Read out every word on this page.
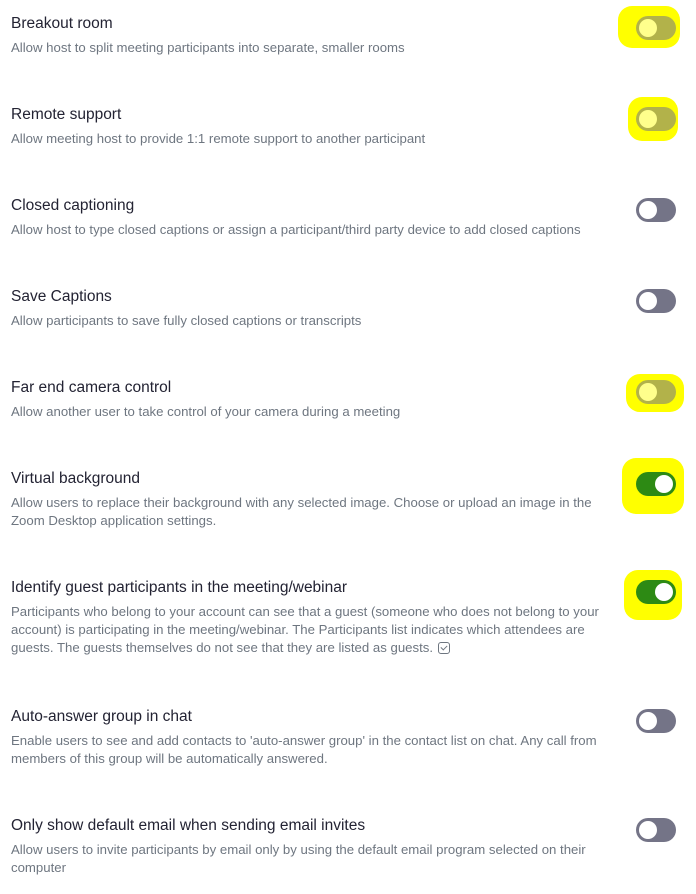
Breakout room
Allow host to split meeting participants into separate, smaller rooms
Remote support
Allow meeting host to provide 1:1 remote support to another participant
Closed captioning
Allow host to type closed captions or assign a participant/third party device to add closed captions
Save Captions
Allow participants to save fully closed captions or transcripts
Far end camera control
Allow another user to take control of your camera during a meeting
Virtual background
Allow users to replace their background with any selected image. Choose or upload an image in the Zoom Desktop application settings.
Identify guest participants in the meeting/webinar
Participants who belong to your account can see that a guest (someone who does not belong to your account) is participating in the meeting/webinar. The Participants list indicates which attendees are guests. The guests themselves do not see that they are listed as guests.
Auto-answer group in chat
Enable users to see and add contacts to 'auto-answer group' in the contact list on chat. Any call from members of this group will be automatically answered.
Only show default email when sending email invites
Allow users to invite participants by email only by using the default email program selected on their computer
